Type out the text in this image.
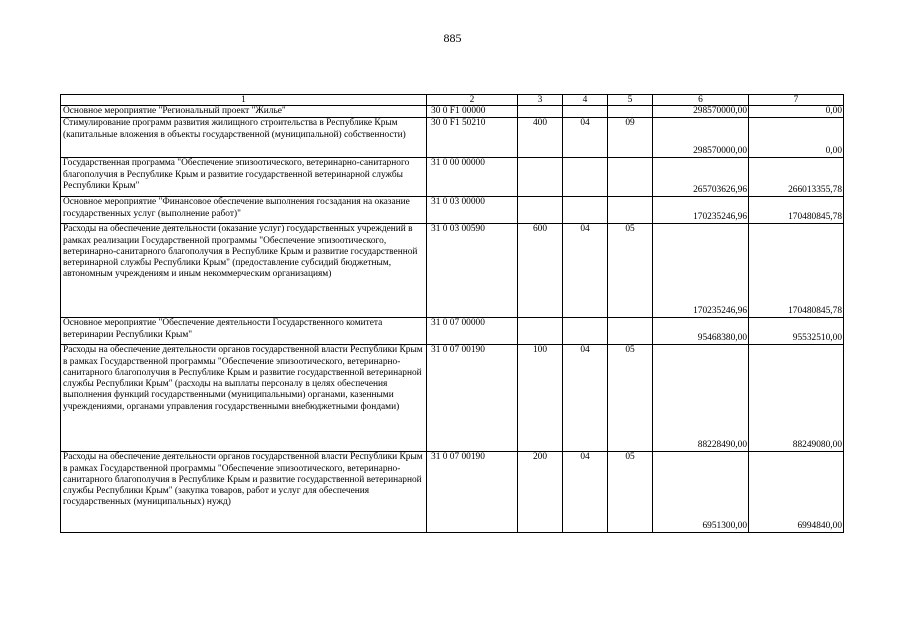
885
1	2	3	4	5	6	7
Основное мероприятие "Региональный проект "Жилье"	30 0 F1 00000				298570000,00	0,00
Стимулирование программ развития жилищного строительства в Республике Крым (капитальные вложения в объекты государственной (муниципальной) собственности)	30 0 F1 50210	400	04	09	298570000,00	0,00
Государственная программа "Обеспечение эпизоотического, ветеринарно-санитарного благополучия в Республике Крым и развитие государственной ветеринарной службы Республики Крым"	31 0 00 00000				265703626,96	266013355,78
Основное мероприятие "Финансовое обеспечение выполнения госзадания на оказание государственных услуг (выполнение работ)"	31 0 03 00000				170235246,96	170480845,78
Расходы на обеспечение деятельности (оказание услуг) государственных учреждений в рамках реализации Государственной программы "Обеспечение эпизоотического, ветеринарно-санитарного благополучия в Республике Крым и развитие государственной ветеринарной службы Республики Крым" (предоставление субсидий бюджетным, автономным учреждениям и иным некоммерческим организациям)	31 0 03 00590	600	04	05	170235246,96	170480845,78
Основное мероприятие "Обеспечение деятельности Государственного комитета ветеринарии Республики Крым"	31 0 07 00000				95468380,00	95532510,00
Расходы на обеспечение деятельности органов государственной власти Республики Крым в рамках Государственной программы "Обеспечение эпизоотического, ветеринарно-санитарного благополучия в Республике Крым и развитие государственной ветеринарной службы Республики Крым" (расходы на выплаты персоналу в целях обеспечения выполнения функций государственными (муниципальными) органами, казенными учреждениями, органами управления государственными внебюджетными фондами)	31 0 07 00190	100	04	05	88228490,00	88249080,00
Расходы на обеспечение деятельности органов государственной власти Республики Крым в рамках Государственной программы "Обеспечение эпизоотического, ветеринарно-санитарного благополучия в Республике Крым и развитие государственной ветеринарной службы Республики Крым" (закупка товаров, работ и услуг для обеспечения государственных (муниципальных) нужд)	31 0 07 00190	200	04	05	6951300,00	6994840,00
